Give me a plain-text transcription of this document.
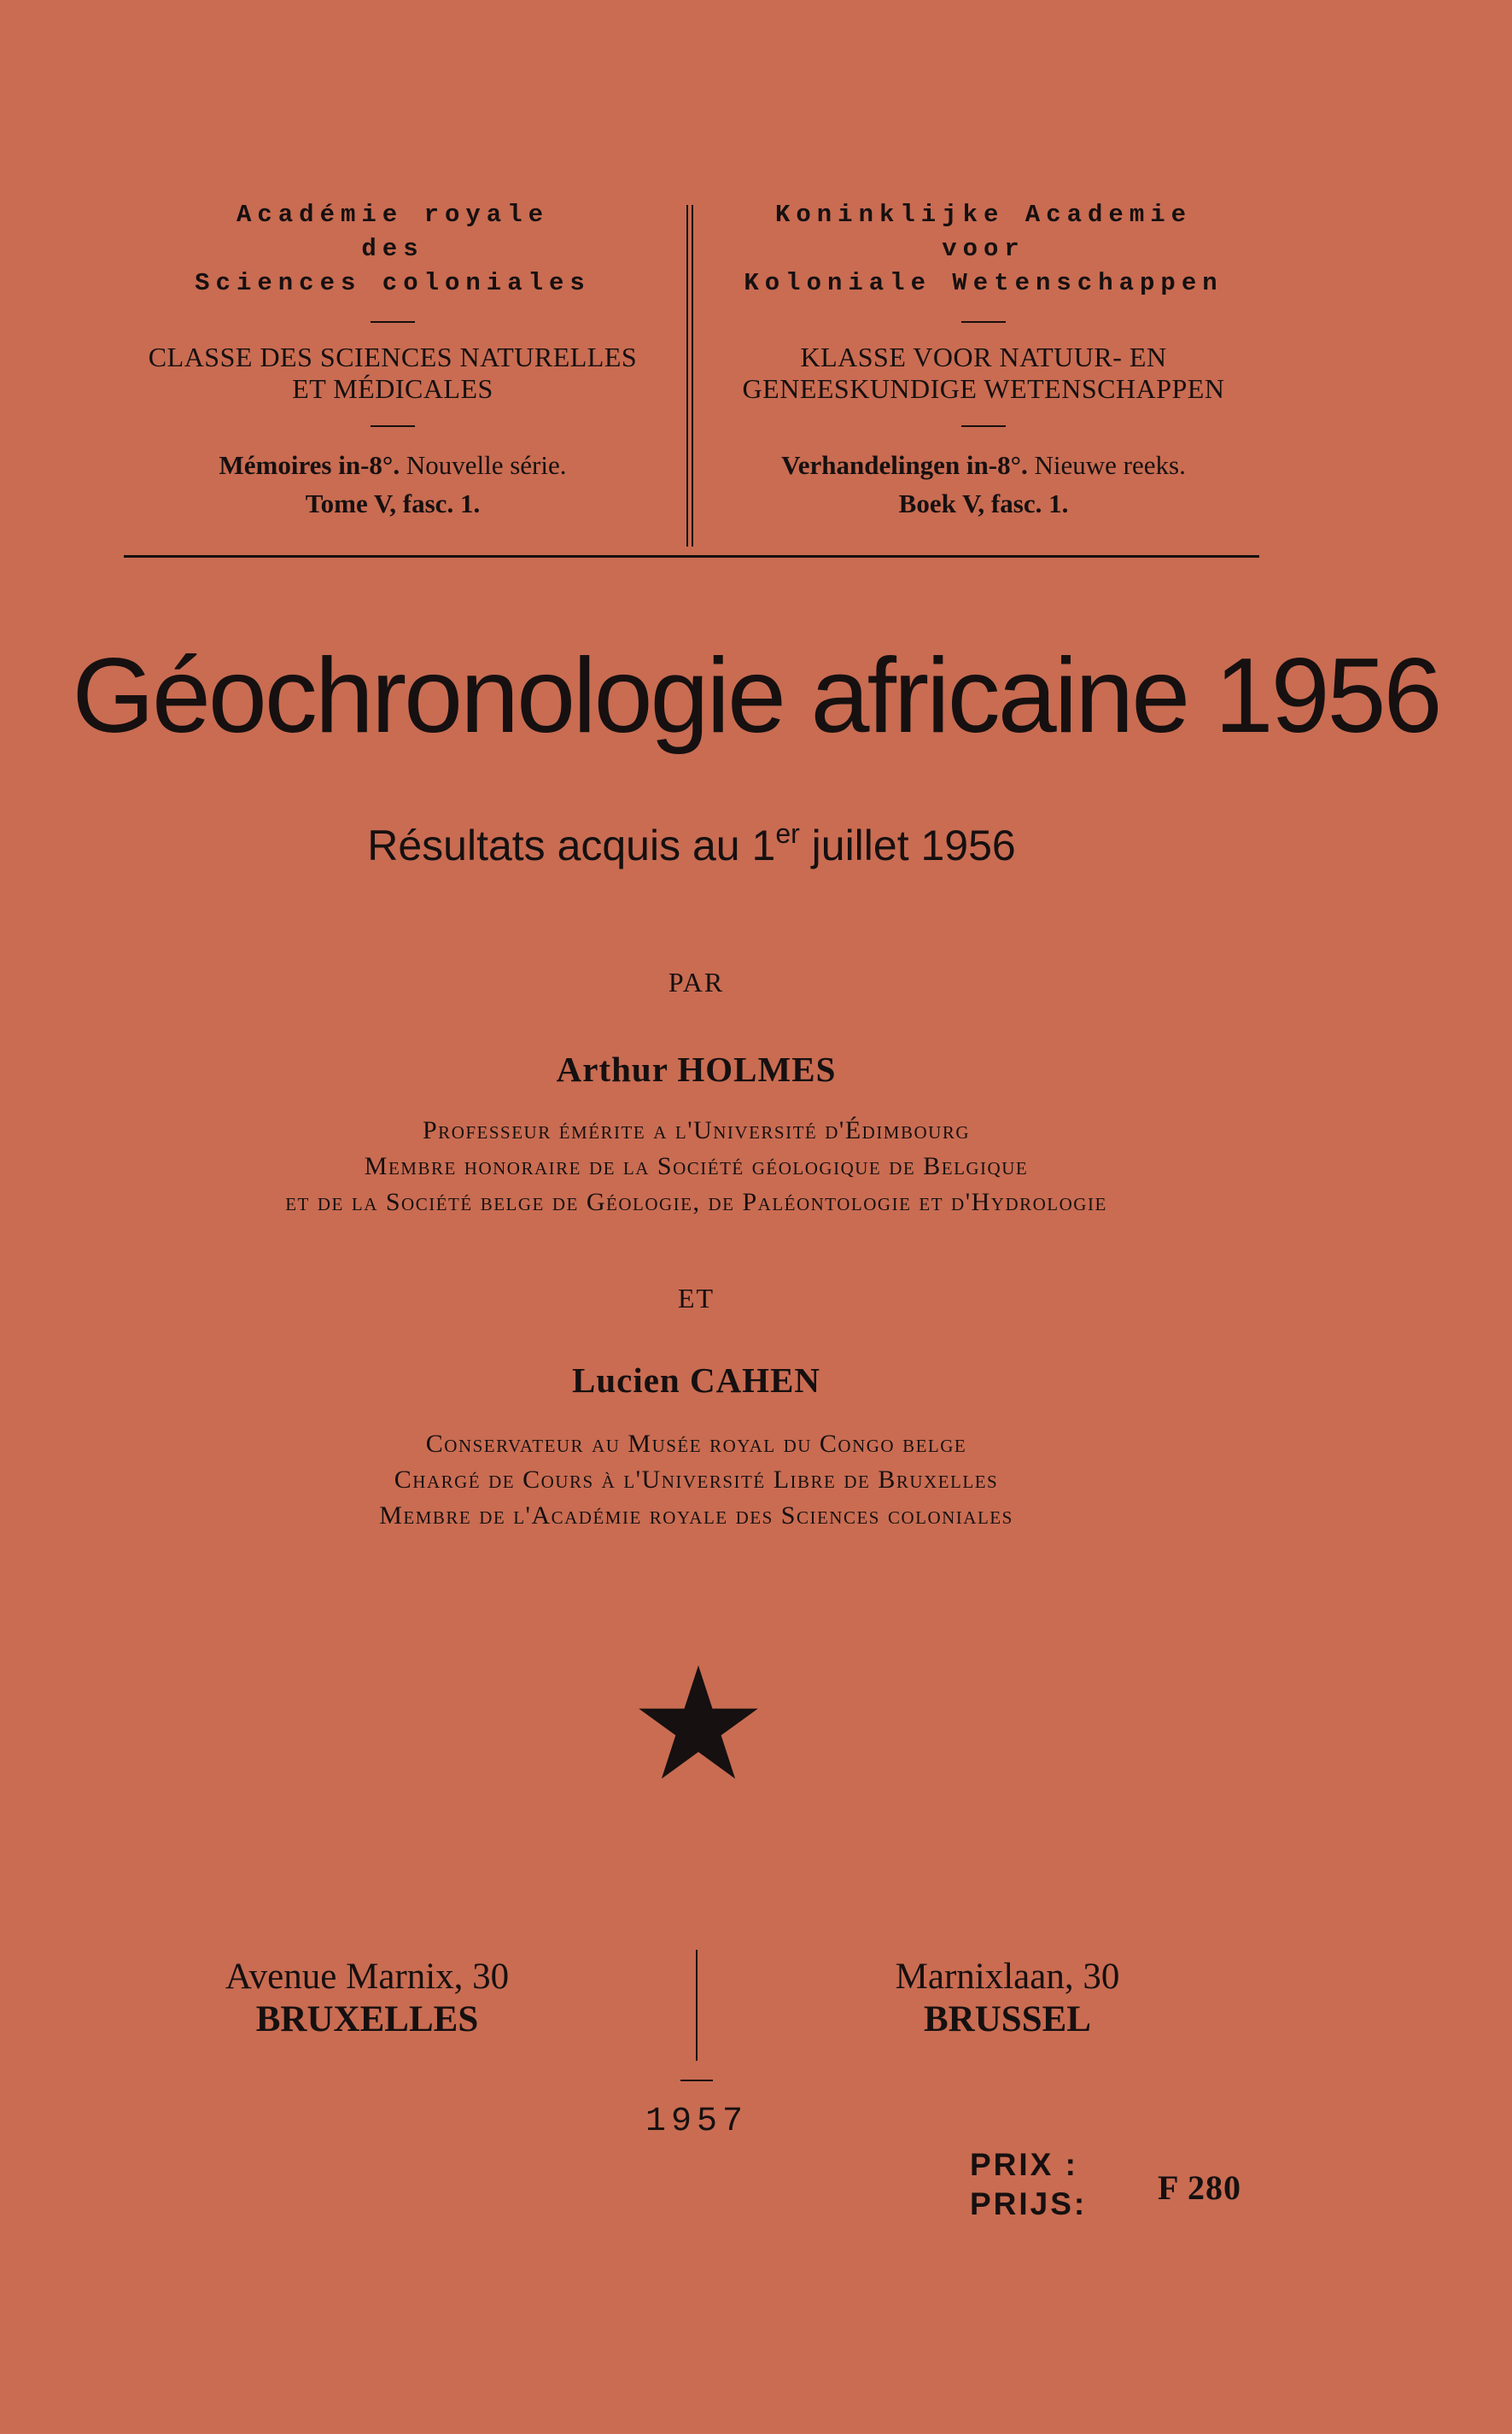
Académie royale
des
Sciences coloniales
CLASSE DES SCIENCES NATURELLES
ET MÉDICALES
Mémoires in-8°. Nouvelle série.
Tome V, fasc. 1.
Koninklijke Academie
voor
Koloniale Wetenschappen
KLASSE VOOR NATUUR- EN
GENEESKUNDIGE WETENSCHAPPEN
Verhandelingen in-8°. Nieuwe reeks.
Boek V, fasc. 1.
Géochronologie africaine 1956
Résultats acquis au 1er juillet 1956
PAR
Arthur HOLMES
Professeur émérite a l'Université d'Édimbourg
Membre honoraire de la Société géologique de Belgique
et de la Société belge de Géologie, de Paléontologie et d'Hydrologie
ET
Lucien CAHEN
Conservateur au Musée royal du Congo belge
Chargé de Cours à l'Université Libre de Bruxelles
Membre de l'Académie royale des Sciences coloniales
Avenue Marnix, 30
BRUXELLES
Marnixlaan, 30
BRUSSEL
1957
PRIX :
PRIJS: F 280
